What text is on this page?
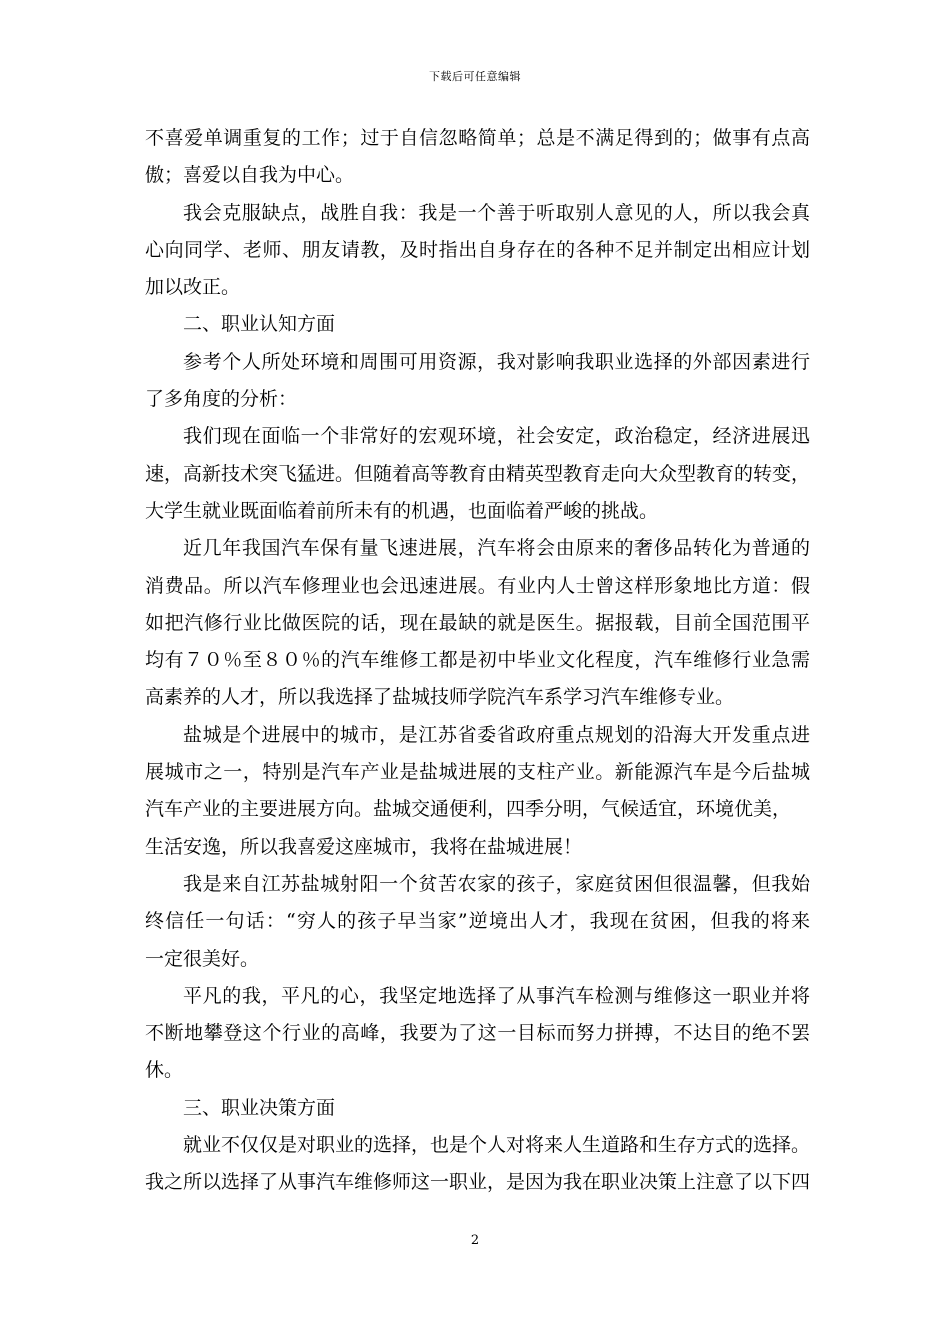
下载后可任意编辑
不喜爱单调重复的工作；过于自信忽略简单；总是不满足得到的；做事有点高
傲；喜爱以自我为中心。
我会克服缺点，战胜自我：我是一个善于听取别人意见的人，所以我会真
心向同学、老师、朋友请教，及时指出自身存在的各种不足并制定出相应计划
加以改正。
二、职业认知方面
参考个人所处环境和周围可用资源，我对影响我职业选择的外部因素进行
了多角度的分析：
我们现在面临一个非常好的宏观环境，社会安定，政治稳定，经济进展迅
速，高新技术突飞猛进。但随着高等教育由精英型教育走向大众型教育的转变，
大学生就业既面临着前所未有的机遇，也面临着严峻的挑战。
近几年我国汽车保有量飞速进展，汽车将会由原来的奢侈品转化为普通的
消费品。所以汽车修理业也会迅速进展。有业内人士曾这样形象地比方道：假
如把汽修行业比做医院的话，现在最缺的就是医生。据报载，目前全国范围平
均有７０％至８０％的汽车维修工都是初中毕业文化程度，汽车维修行业急需
高素养的人才，所以我选择了盐城技师学院汽车系学习汽车维修专业。
盐城是个进展中的城市，是江苏省委省政府重点规划的沿海大开发重点进
展城市之一，特别是汽车产业是盐城进展的支柱产业。新能源汽车是今后盐城
汽车产业的主要进展方向。盐城交通便利，四季分明，气候适宜，环境优美，
生活安逸，所以我喜爱这座城市，我将在盐城进展！
我是来自江苏盐城射阳一个贫苦农家的孩子，家庭贫困但很温馨，但我始
终信任一句话：“穷人的孩子早当家”逆境出人才，我现在贫困，但我的将来
一定很美好。
平凡的我，平凡的心，我坚定地选择了从事汽车检测与维修这一职业并将
不断地攀登这个行业的高峰，我要为了这一目标而努力拼搏，不达目的绝不罢
休。
三、职业决策方面
就业不仅仅是对职业的选择，也是个人对将来人生道路和生存方式的选择。
我之所以选择了从事汽车维修师这一职业，是因为我在职业决策上注意了以下四
2
